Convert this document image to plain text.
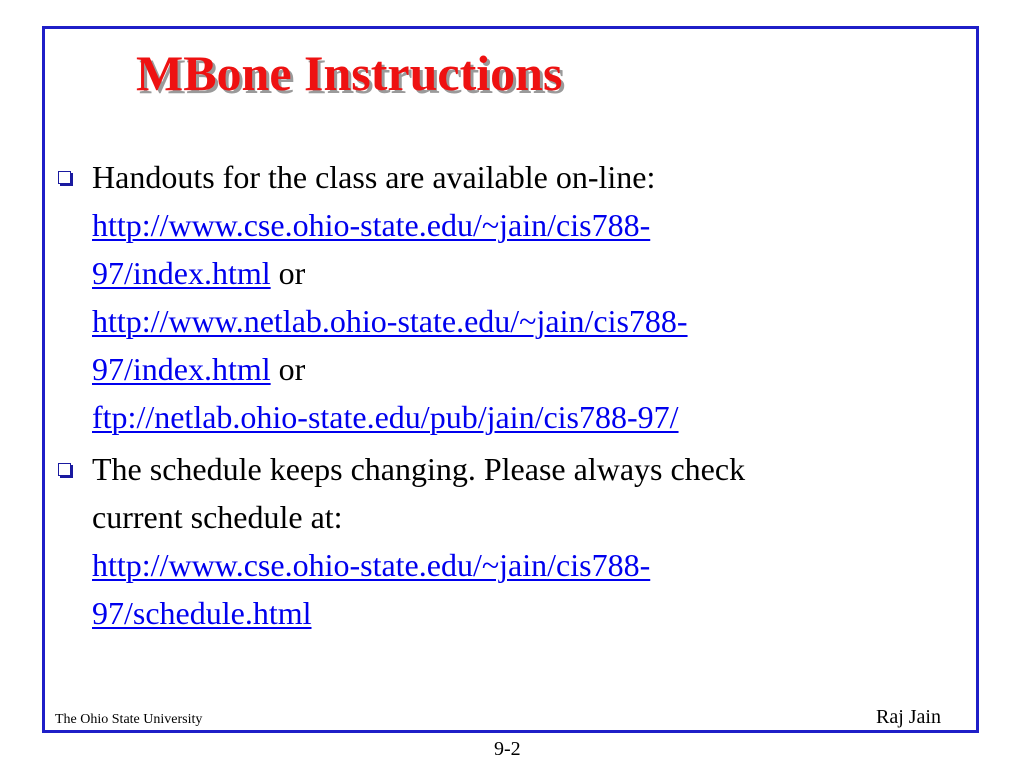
MBone Instructions
Handouts for the class are available on-line:
http://www.cse.ohio-state.edu/~jain/cis788-
97/index.html or
http://www.netlab.ohio-state.edu/~jain/cis788-
97/index.html or
ftp://netlab.ohio-state.edu/pub/jain/cis788-97/
The schedule keeps changing. Please always check
current schedule at:
http://www.cse.ohio-state.edu/~jain/cis788-
97/schedule.html
The Ohio State University	Raj Jain
9-2
